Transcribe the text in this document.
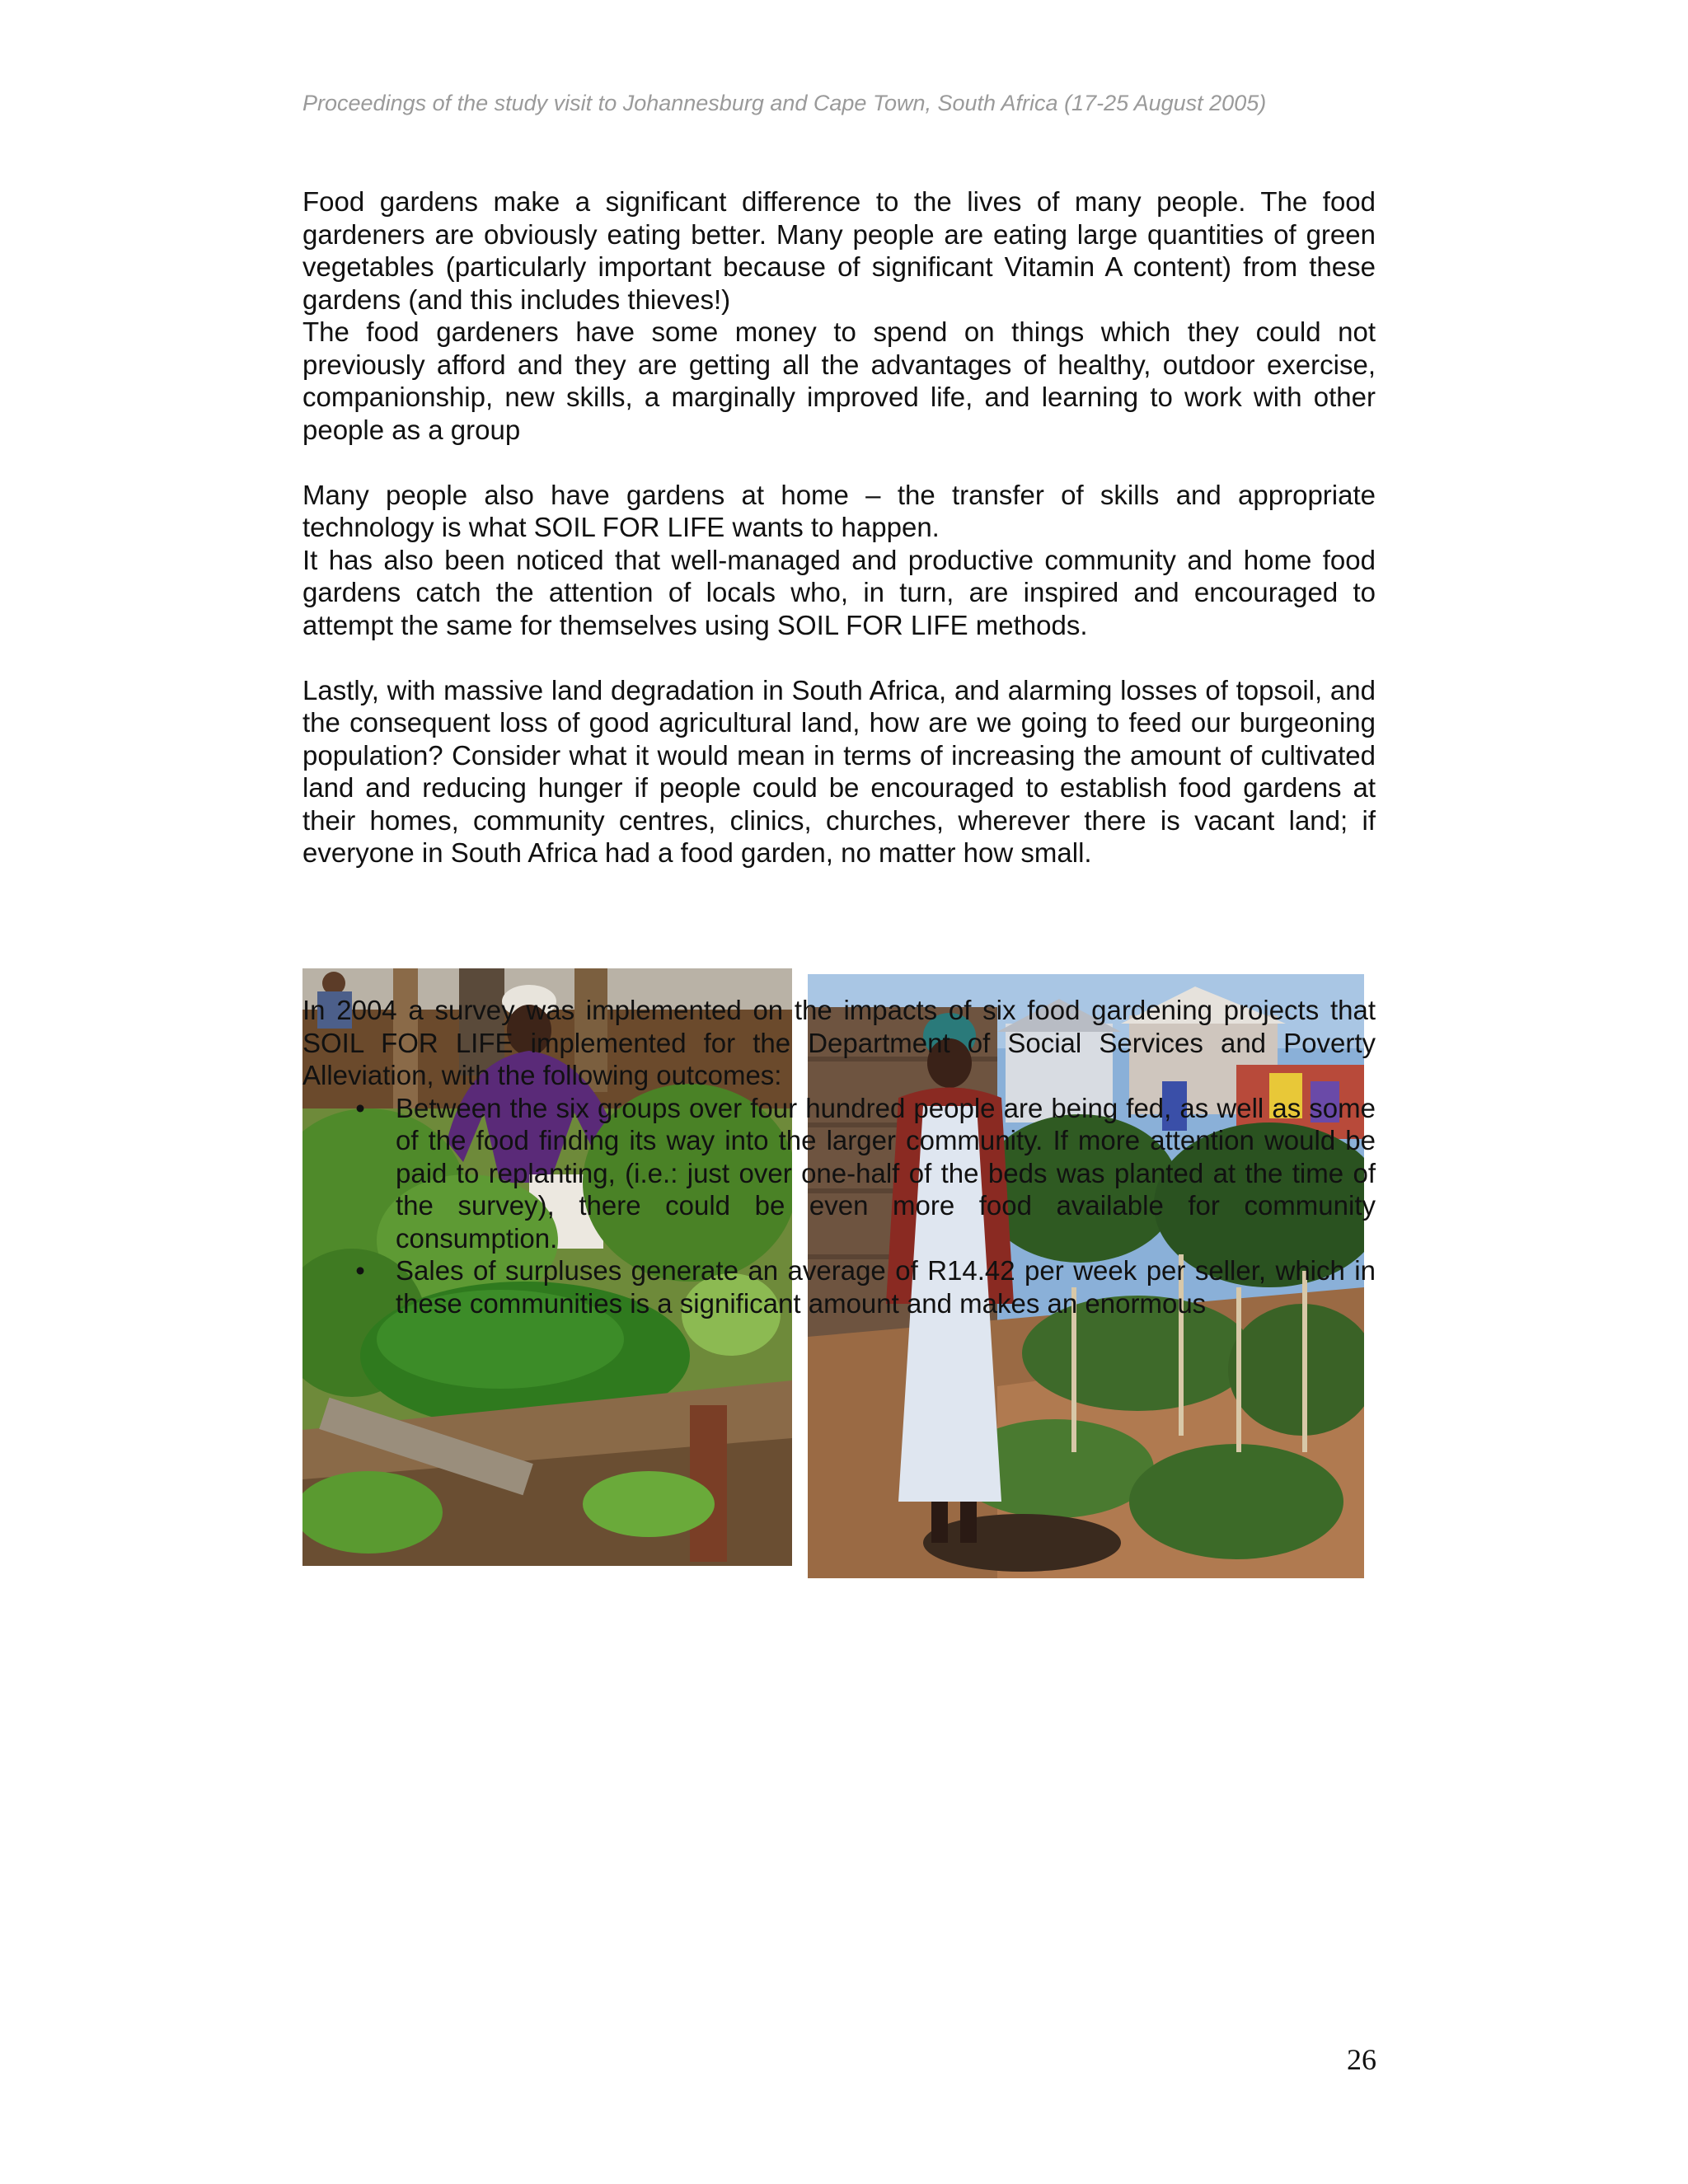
Proceedings of the study visit to Johannesburg and Cape Town, South Africa (17-25 August 2005)

Food gardens make a significant difference to the lives of many people. The food gardeners are obviously eating better. Many people are eating large quantities of green vegetables (particularly important because of significant Vitamin A content) from these gardens (and this includes thieves!)

The food gardeners have some money to spend on things which they could not previously afford and they are getting all the advantages of healthy, outdoor exercise, companionship, new skills, a marginally improved life, and learning to work with other people as a group

Many people also have gardens at home – the transfer of skills and appropriate technology is what SOIL FOR LIFE wants to happen.

It has also been noticed that well-managed and productive community and home food gardens catch the attention of locals who, in turn, are inspired and encouraged to attempt the same for themselves using SOIL FOR LIFE methods.

Lastly, with massive land degradation in South Africa, and alarming losses of topsoil, and the consequent loss of good agricultural land, how are we going to feed our burgeoning population? Consider what it would mean in terms of increasing the amount of cultivated land and reducing hunger if people could be encouraged to establish food gardens at their homes, community centres, clinics, churches, wherever there is vacant land; if everyone in South Africa had a food garden, no matter how small.

In 2004 a survey was implemented on the impacts of six food gardening projects that SOIL FOR LIFE implemented for the Department of Social Services and Poverty Alleviation, with the following outcomes:

• Between the six groups over four hundred people are being fed, as well as some of the food finding its way into the larger community. If more attention would be paid to replanting, (i.e.: just over one-half of the beds was planted at the time of the survey), there could be even more food available for community consumption.
• Sales of surpluses generate an average of R14.42 per week per seller, which in these communities is a significant amount and makes an enormous
26
